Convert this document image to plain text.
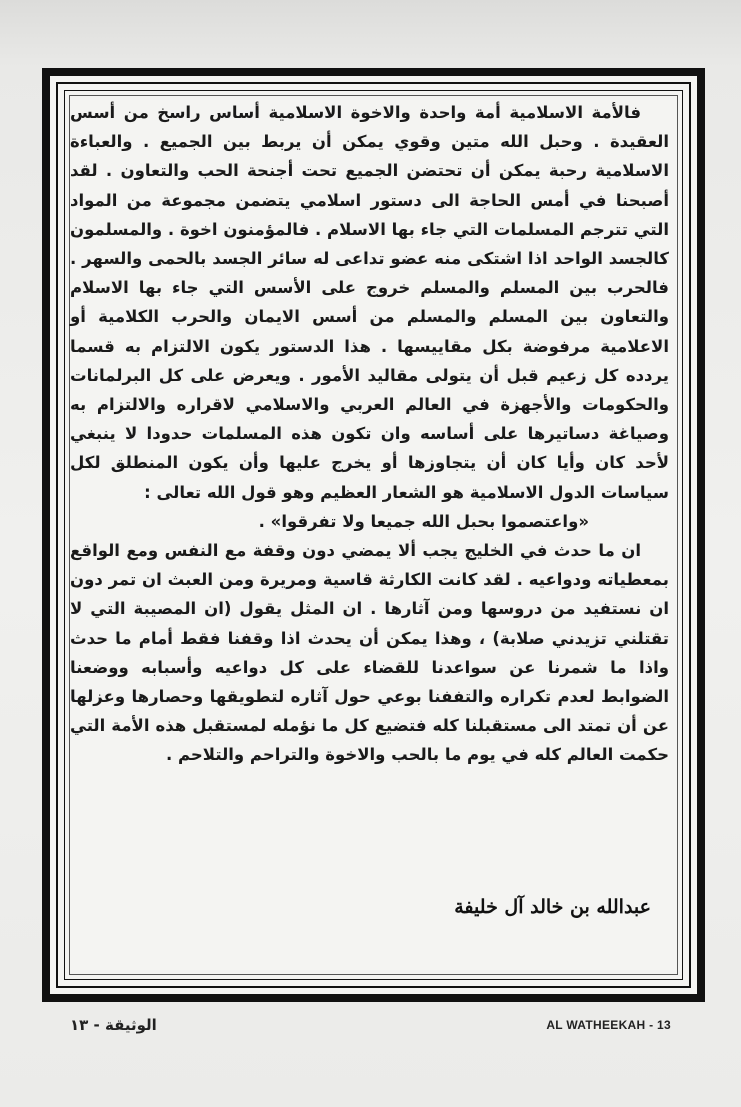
فالأمة الاسلامية أمة واحدة والاخوة الاسلامية أساس راسخ من أسس العقيدة . وحبل الله متين وقوي يمكن أن يربط بين الجميع . والعباءة الاسلامية رحبة يمكن أن تحتضن الجميع تحت أجنحة الحب والتعاون . لقد أصبحنا في أمس الحاجة الى دستور اسلامي يتضمن مجموعة من المواد التي تترجم المسلمات التي جاء بها الاسلام . فالمؤمنون اخوة . والمسلمون كالجسد الواحد اذا اشتكى منه عضو تداعى له سائر الجسد بالحمى والسهر . فالحرب بين المسلم والمسلم خروج على الأسس التي جاء بها الاسلام والتعاون بين المسلم والمسلم من أسس الايمان والحرب الكلامية أو الاعلامية مرفوضة بكل مقاييسها . هذا الدستور يكون الالتزام به قسما يردده كل زعيم قبل أن يتولى مقاليد الأمور . ويعرض على كل البرلمانات والحكومات والأجهزة في العالم العربي والاسلامي لاقراره والالتزام به وصياغة دساتيرها على أساسه وان تكون هذه المسلمات حدودا لا ينبغي لأحد كان وأيا كان أن يتجاوزها أو يخرج عليها وأن يكون المنطلق لكل سياسات الدول الاسلامية هو الشعار العظيم وهو قول الله تعالى :

«واعتصموا بحبل الله جميعا ولا تفرقوا» .

ان ما حدث في الخليج يجب ألا يمضي دون وقفة مع النفس ومع الواقع بمعطياته ودواعيه . لقد كانت الكارثة قاسية ومريرة ومن العبث ان تمر دون ان نستفيد من دروسها ومن آثارها . ان المثل يقول (ان المصيبة التي لا تقتلني تزيدني صلابة) ، وهذا يمكن أن يحدث اذا وقفنا فقط أمام ما حدث واذا ما شمرنا عن سواعدنا للقضاء على كل دواعيه وأسبابه ووضعنا الضوابط لعدم تكراره والتففنا بوعي حول آثاره لتطويقها وحصارها وعزلها عن أن تمتد الى مستقبلنا كله فتضيع كل ما نؤمله لمستقبل هذه الأمة التي حكمت العالم كله في يوم ما بالحب والاخوة والتراحم والتلاحم .

عبدالله بن خالد آل خليفة
الوثيقة - ١٣	AL WATHEEKAH - 13
